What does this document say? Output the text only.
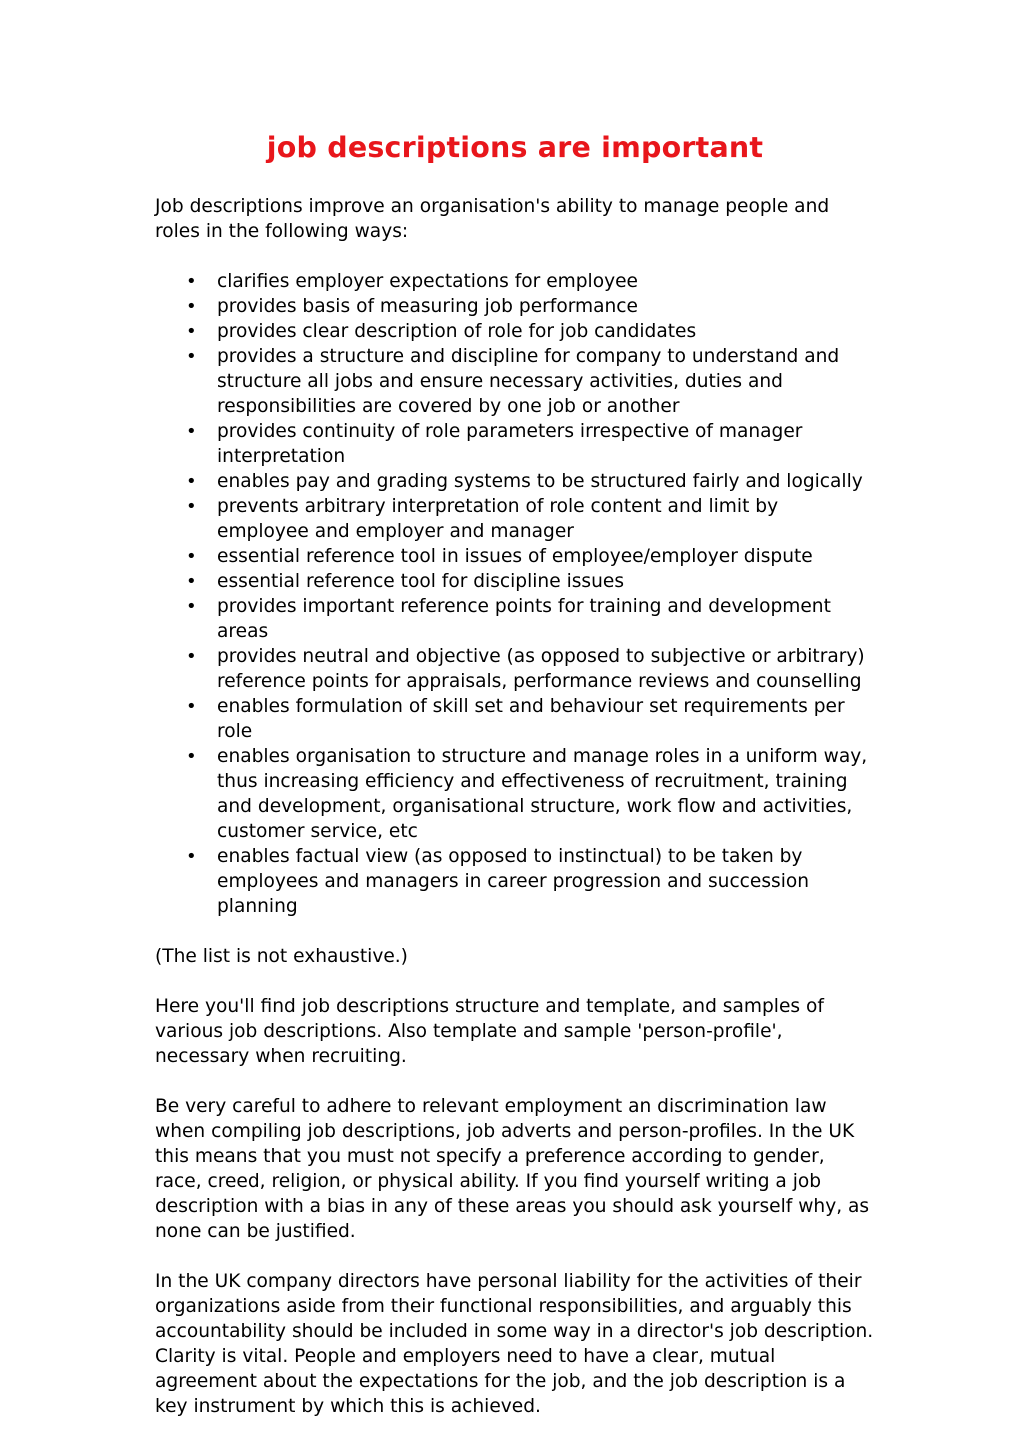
job descriptions are important

Job descriptions improve an organisation's ability to manage people and roles in the following ways:

• clarifies employer expectations for employee
• provides basis of measuring job performance
• provides clear description of role for job candidates
• provides a structure and discipline for company to understand and structure all jobs and ensure necessary activities, duties and responsibilities are covered by one job or another
• provides continuity of role parameters irrespective of manager interpretation
• enables pay and grading systems to be structured fairly and logically
• prevents arbitrary interpretation of role content and limit by employee and employer and manager
• essential reference tool in issues of employee/employer dispute
• essential reference tool for discipline issues
• provides important reference points for training and development areas
• provides neutral and objective (as opposed to subjective or arbitrary) reference points for appraisals, performance reviews and counselling
• enables formulation of skill set and behaviour set requirements per role
• enables organisation to structure and manage roles in a uniform way, thus increasing efficiency and effectiveness of recruitment, training and development, organisational structure, work flow and activities, customer service, etc
• enables factual view (as opposed to instinctual) to be taken by employees and managers in career progression and succession planning

(The list is not exhaustive.)

Here you'll find job descriptions structure and template, and samples of various job descriptions. Also template and sample 'person-profile', necessary when recruiting.

Be very careful to adhere to relevant employment an discrimination law when compiling job descriptions, job adverts and person-profiles. In the UK this means that you must not specify a preference according to gender, race, creed, religion, or physical ability. If you find yourself writing a job description with a bias in any of these areas you should ask yourself why, as none can be justified.

In the UK company directors have personal liability for the activities of their organizations aside from their functional responsibilities, and arguably this accountability should be included in some way in a director's job description. Clarity is vital. People and employers need to have a clear, mutual agreement about the expectations for the job, and the job description is a key instrument by which this is achieved.
